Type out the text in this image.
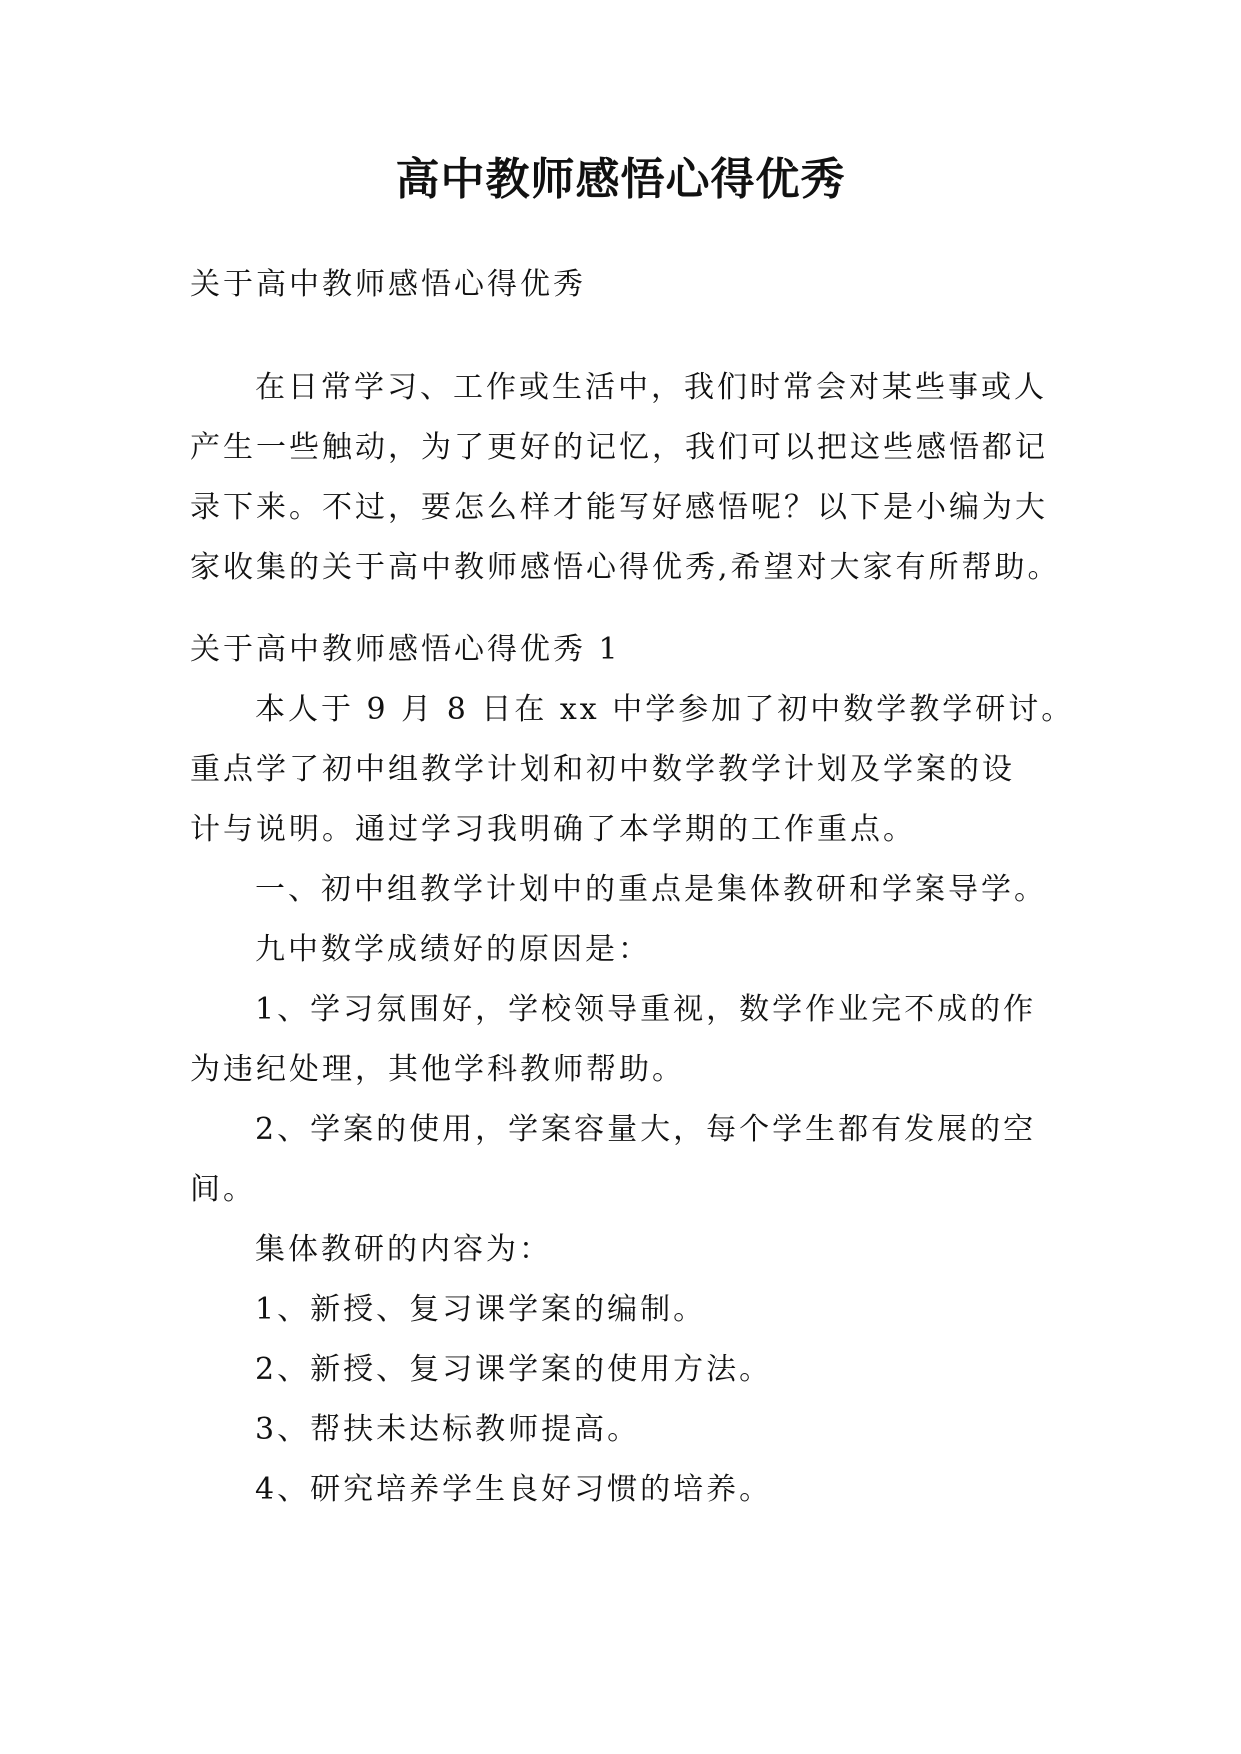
高中教师感悟心得优秀

关于高中教师感悟心得优秀

在日常学习、工作或生活中，我们时常会对某些事或人

产生一些触动，为了更好的记忆，我们可以把这些感悟都记

录下来。不过，要怎么样才能写好感悟呢？以下是小编为大

家收集的关于高中教师感悟心得优秀,希望对大家有所帮助。

关于高中教师感悟心得优秀 1

本人于 9 月 8 日在 xx 中学参加了初中数学教学研讨。

重点学了初中组教学计划和初中数学教学计划及学案的设

计与说明。通过学习我明确了本学期的工作重点。

一、初中组教学计划中的重点是集体教研和学案导学。

九中数学成绩好的原因是：

1、学习氛围好，学校领导重视，数学作业完不成的作

为违纪处理，其他学科教师帮助。

2、学案的使用，学案容量大，每个学生都有发展的空

间。

集体教研的内容为：

1、新授、复习课学案的编制。

2、新授、复习课学案的使用方法。

3、帮扶未达标教师提高。

4、研究培养学生良好习惯的培养。
